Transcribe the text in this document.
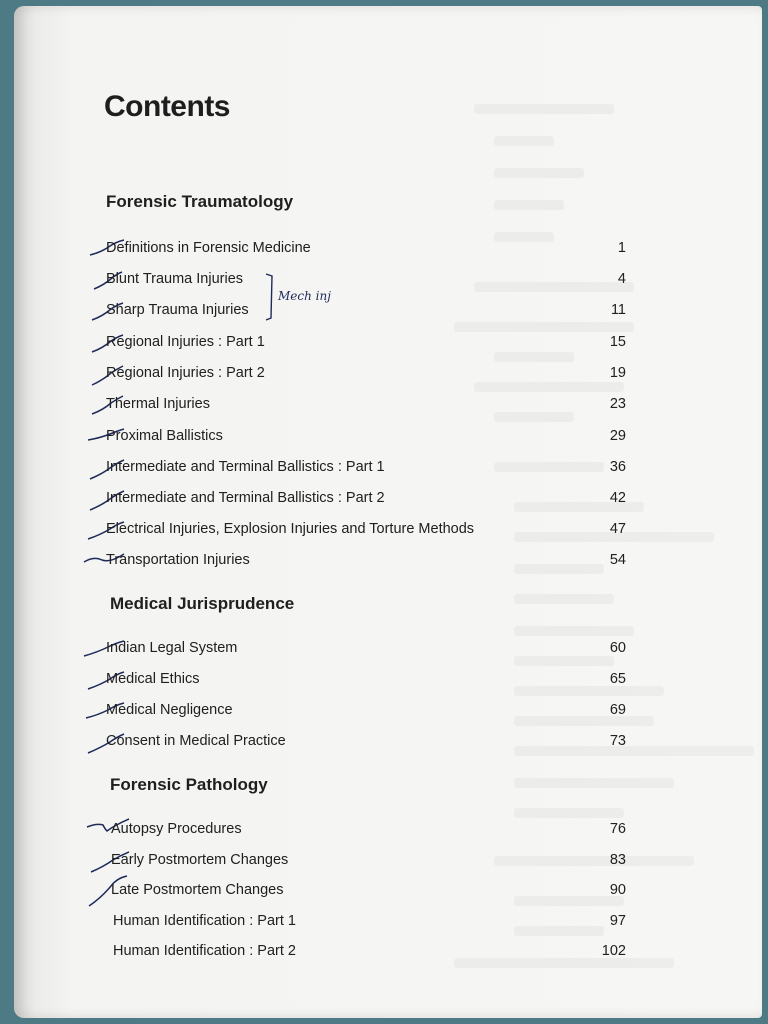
Contents
Forensic Traumatology
Definitions in Forensic Medicine	1
Blunt Trauma Injuries	4
Sharp Trauma Injuries	11
Regional Injuries : Part 1	15
Regional Injuries : Part 2	19
Thermal Injuries	23
Proximal Ballistics	29
Intermediate and Terminal Ballistics : Part 1	36
Intermediate and Terminal Ballistics : Part 2	42
Electrical Injuries, Explosion Injuries and Torture Methods	47
Transportation Injuries	54
Medical Jurisprudence
Indian Legal System	60
Medical Ethics	65
Medical Negligence	69
Consent in Medical Practice	73
Forensic Pathology
Autopsy Procedures	76
Early Postmortem Changes	83
Late Postmortem Changes	90
Human Identification : Part 1	97
Human Identification : Part 2	102
Mech inj
